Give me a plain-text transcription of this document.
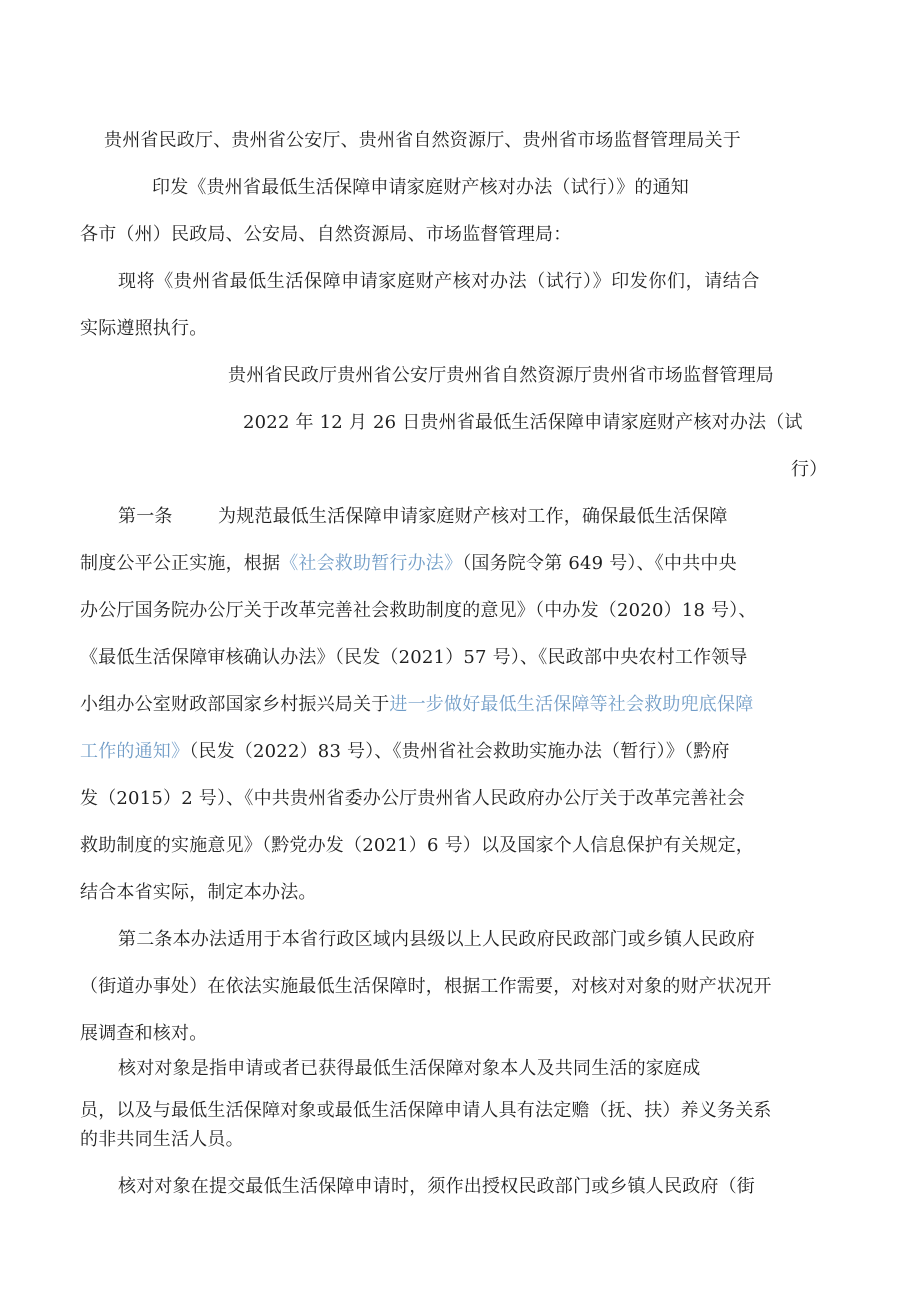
贵州省民政厅、贵州省公安厅、贵州省自然资源厅、贵州省市场监督管理局关于
印发《贵州省最低生活保障申请家庭财产核对办法（试行）》的通知
各市（州）民政局、公安局、自然资源局、市场监督管理局：
现将《贵州省最低生活保障申请家庭财产核对办法（试行）》印发你们，请结合
实际遵照执行。
贵州省民政厅贵州省公安厅贵州省自然资源厅贵州省市场监督管理局
2022 年 12 月 26 日贵州省最低生活保障申请家庭财产核对办法（试
行）
第一条	为规范最低生活保障申请家庭财产核对工作，确保最低生活保障
制度公平公正实施，根据《社会救助暂行办法》（国务院令第 649 号）、《中共中央
办公厅国务院办公厅关于改革完善社会救助制度的意见》（中办发（2020）18 号）、
《最低生活保障审核确认办法》（民发（2021）57 号）、《民政部中央农村工作领导
小组办公室财政部国家乡村振兴局关于进一步做好最低生活保障等社会救助兜底保障
工作的通知》（民发（2022）83 号）、《贵州省社会救助实施办法（暂行）》（黔府
发（2015）2 号）、《中共贵州省委办公厅贵州省人民政府办公厅关于改革完善社会
救助制度的实施意见》（黔党办发（2021）6 号）以及国家个人信息保护有关规定，
结合本省实际，制定本办法。
第二条本办法适用于本省行政区域内县级以上人民政府民政部门或乡镇人民政府
（街道办事处）在依法实施最低生活保障时，根据工作需要，对核对对象的财产状况开
展调查和核对。
核对对象是指申请或者已获得最低生活保障对象本人及共同生活的家庭成
员，以及与最低生活保障对象或最低生活保障申请人具有法定赡（抚、扶）养义务关系
的非共同生活人员。
核对对象在提交最低生活保障申请时，须作出授权民政部门或乡镇人民政府（街
